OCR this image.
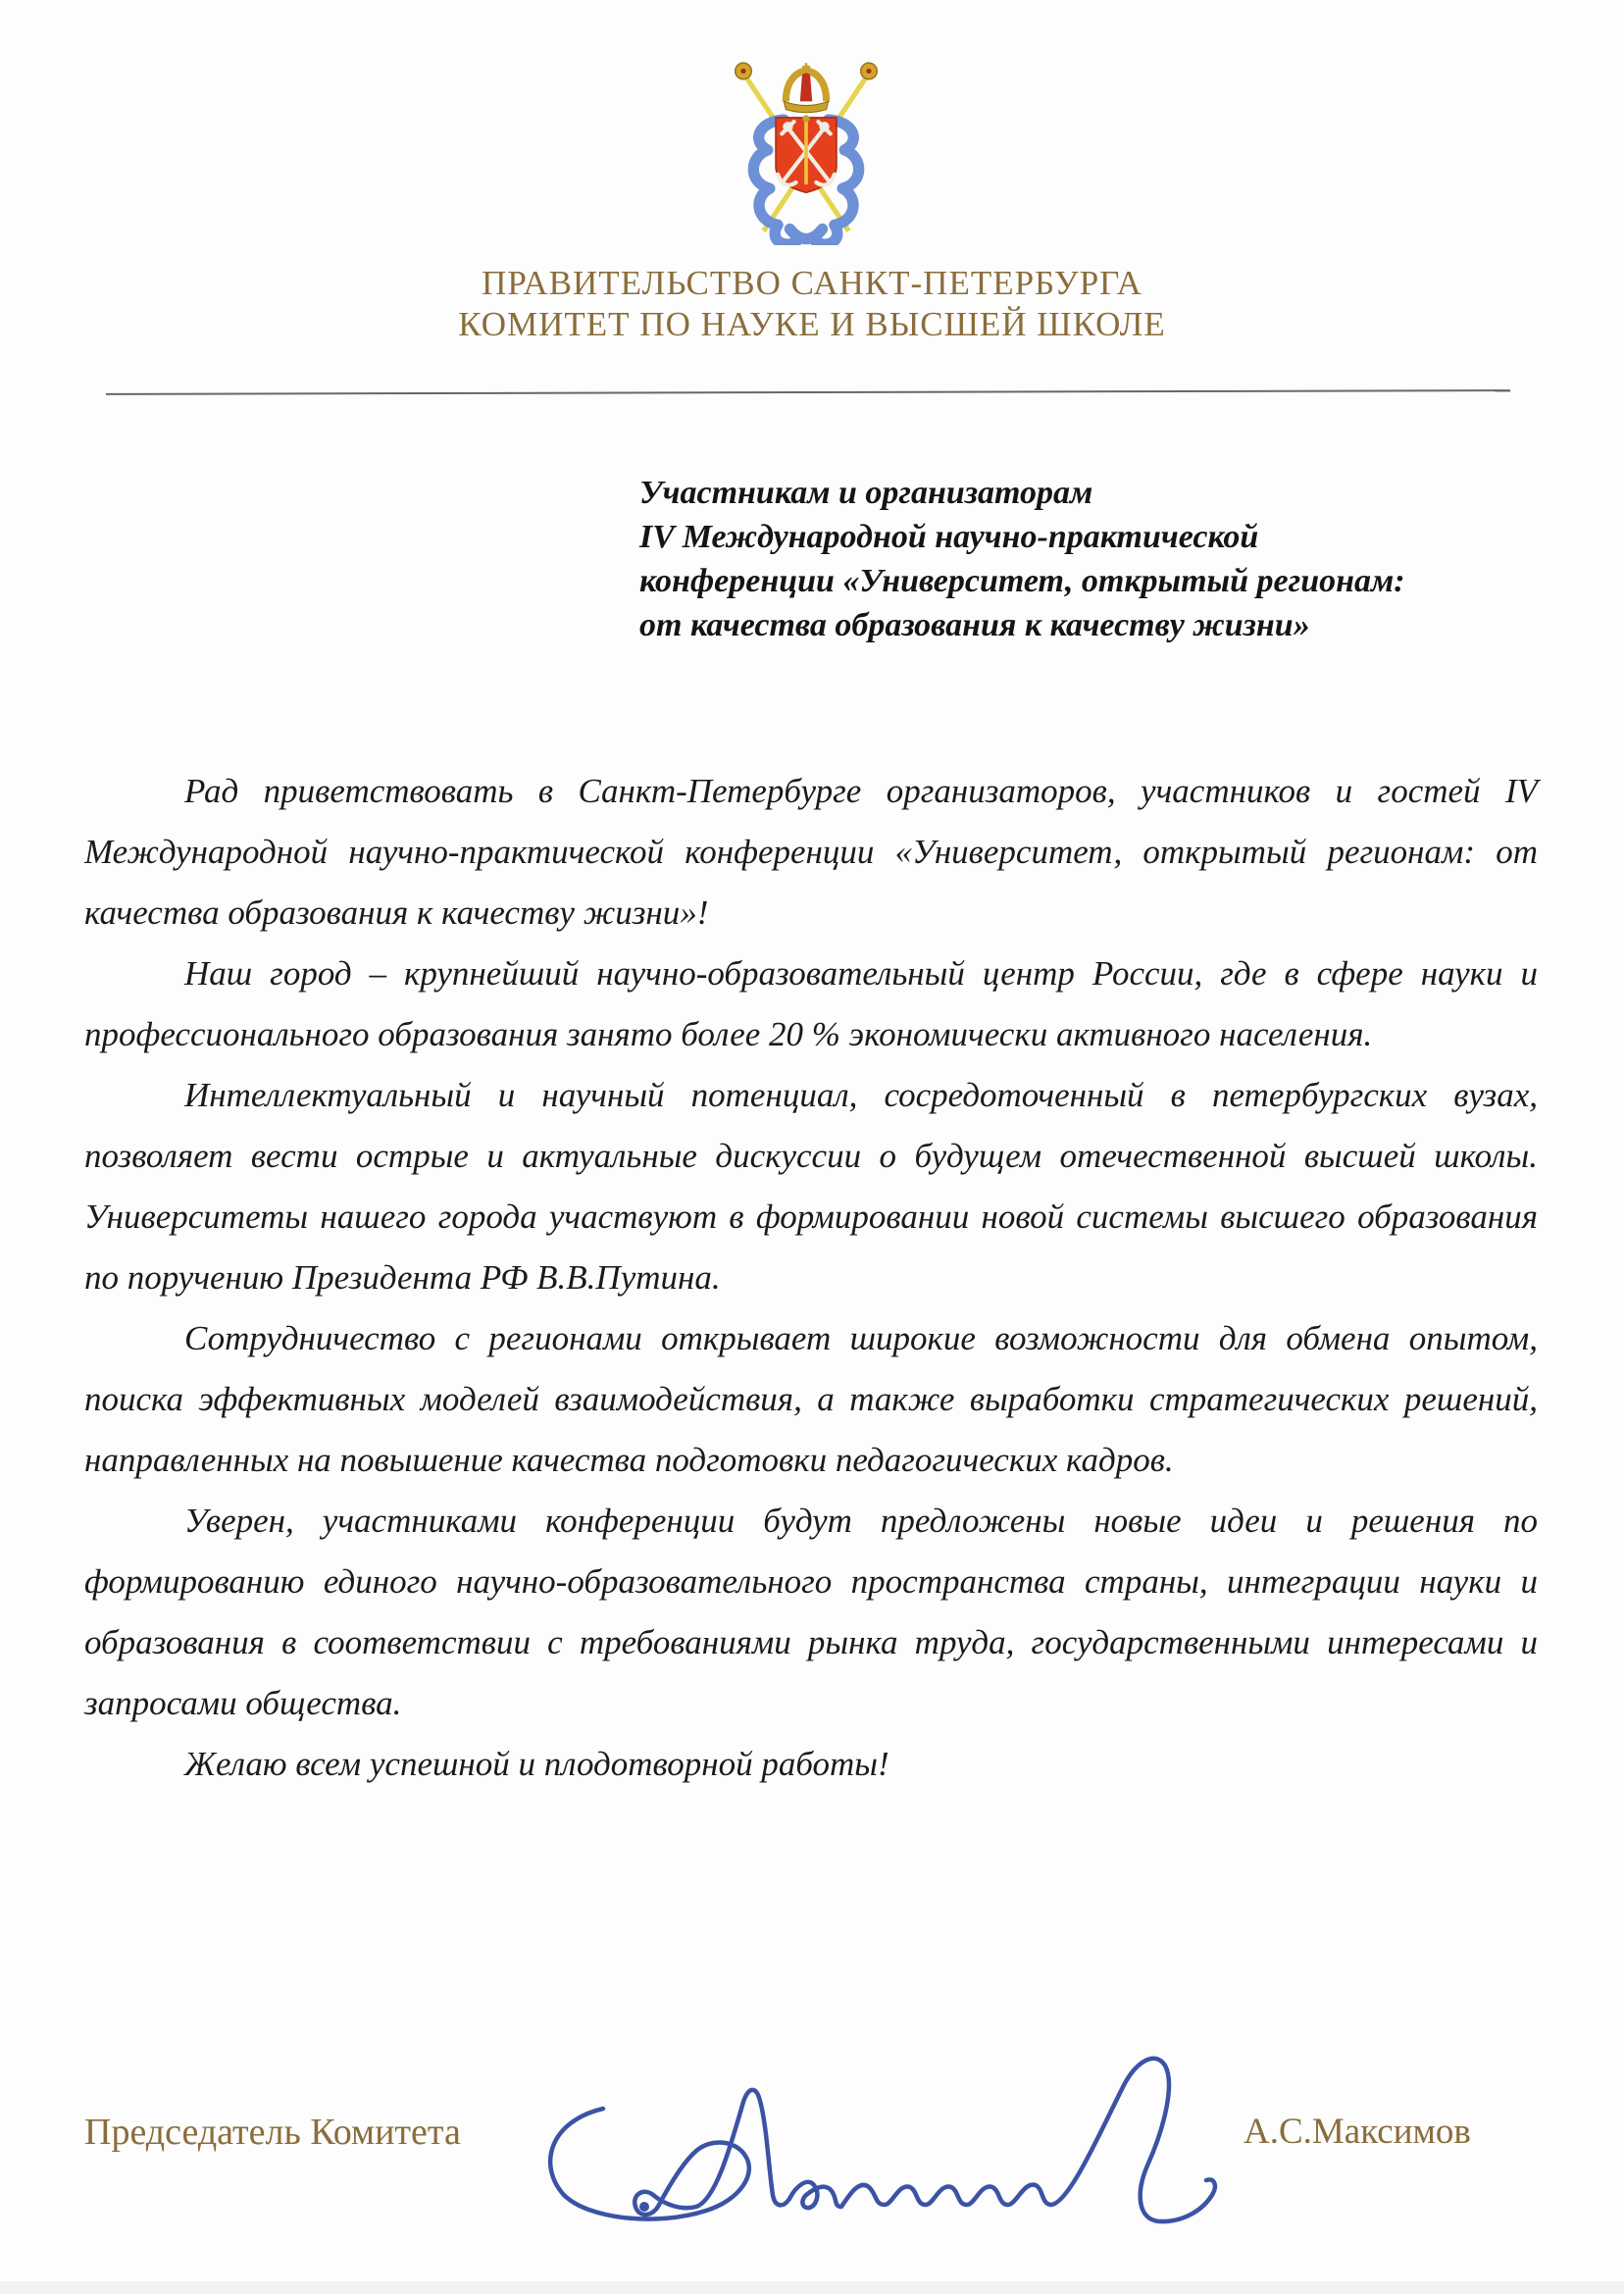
ПРАВИТЕЛЬСТВО САНКТ-ПЕТЕРБУРГА
КОМИТЕТ ПО НАУКЕ И ВЫСШЕЙ ШКОЛЕ
Участникам и организаторам
IV Международной научно-практической
конференции «Университет, открытый регионам:
от качества образования к качеству жизни»

Рад приветствовать в Санкт-Петербурге организаторов, участников и гостей IV Международной научно-практической конференции «Университет, открытый регионам: от качества образования к качеству жизни»!

Наш город – крупнейший научно-образовательный центр России, где в сфере науки и профессионального образования занято более 20 % экономически активного населения.

Интеллектуальный и научный потенциал, сосредоточенный в петербургских вузах, позволяет вести острые и актуальные дискуссии о будущем отечественной высшей школы. Университеты нашего города участвуют в формировании новой системы высшего образования по поручению Президента РФ В.В.Путина.

Сотрудничество с регионами открывает широкие возможности для обмена опытом, поиска эффективных моделей взаимодействия, а также выработки стратегических решений, направленных на повышение качества подготовки педагогических кадров.

Уверен, участниками конференции будут предложены новые идеи и решения по формированию единого научно-образовательного пространства страны, интеграции науки и образования в соответствии с требованиями рынка труда, государственными интересами и запросами общества.

Желаю всем успешной и плодотворной работы!

Председатель Комитета	А.С.Максимов
